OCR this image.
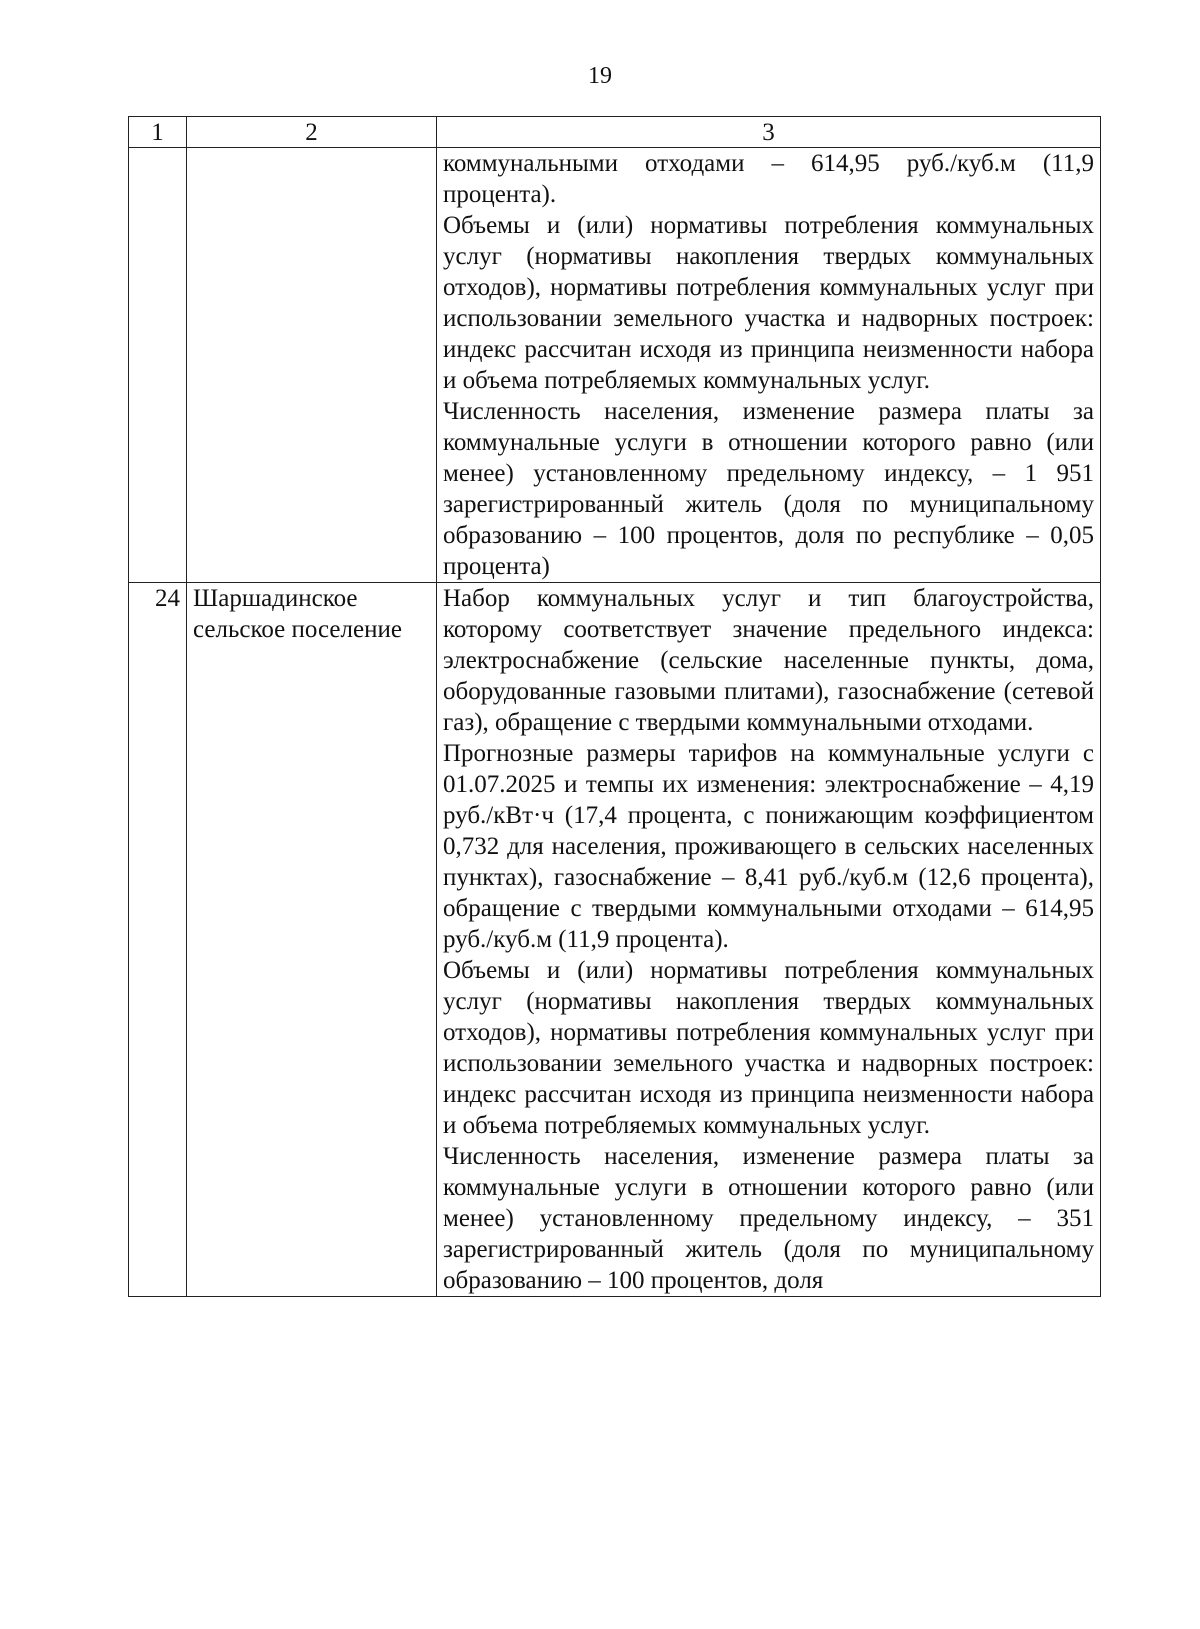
19
1	2	3

		коммунальными отходами – 614,95 руб./куб.м (11,9 процента).

Объемы и (или) нормативы потребления коммунальных услуг (нормативы накопления твердых коммунальных отходов), нормативы потребления коммунальных услуг при использовании земельного участка и надворных построек: индекс рассчитан исходя из принципа неизменности набора и объема потребляемых коммунальных услуг.

Численность населения, изменение размера платы за коммунальные услуги в отношении которого равно (или менее) установленному предельному индексу, – 1 951 зарегистрированный житель (доля по муниципальному образованию – 100 процентов, доля по республике – 0,05 процента)

24	Шаршадинское сельское поселение	Набор коммунальных услуг и тип благоустройства, которому соответствует значение предельного индекса: электроснабжение (сельские населенные пункты, дома, оборудованные газовыми плитами), газоснабжение (сетевой газ), обращение с твердыми коммунальными отходами.

Прогнозные размеры тарифов на коммунальные услуги с 01.07.2025 и темпы их изменения: электроснабжение – 4,19 руб./кВт·ч (17,4 процента, с понижающим коэффициентом 0,732 для населения, проживающего в сельских населенных пунктах), газоснабжение – 8,41 руб./куб.м (12,6 процента), обращение с твердыми коммунальными отходами – 614,95 руб./куб.м (11,9 процента).

Объемы и (или) нормативы потребления коммунальных услуг (нормативы накопления твердых коммунальных отходов), нормативы потребления коммунальных услуг при использовании земельного участка и надворных построек: индекс рассчитан исходя из принципа неизменности набора и объема потребляемых коммунальных услуг.

Численность населения, изменение размера платы за коммунальные услуги в отношении которого равно (или менее) установленному предельному индексу, – 351 зарегистрированный житель (доля по муниципальному образованию – 100 процентов, доля
